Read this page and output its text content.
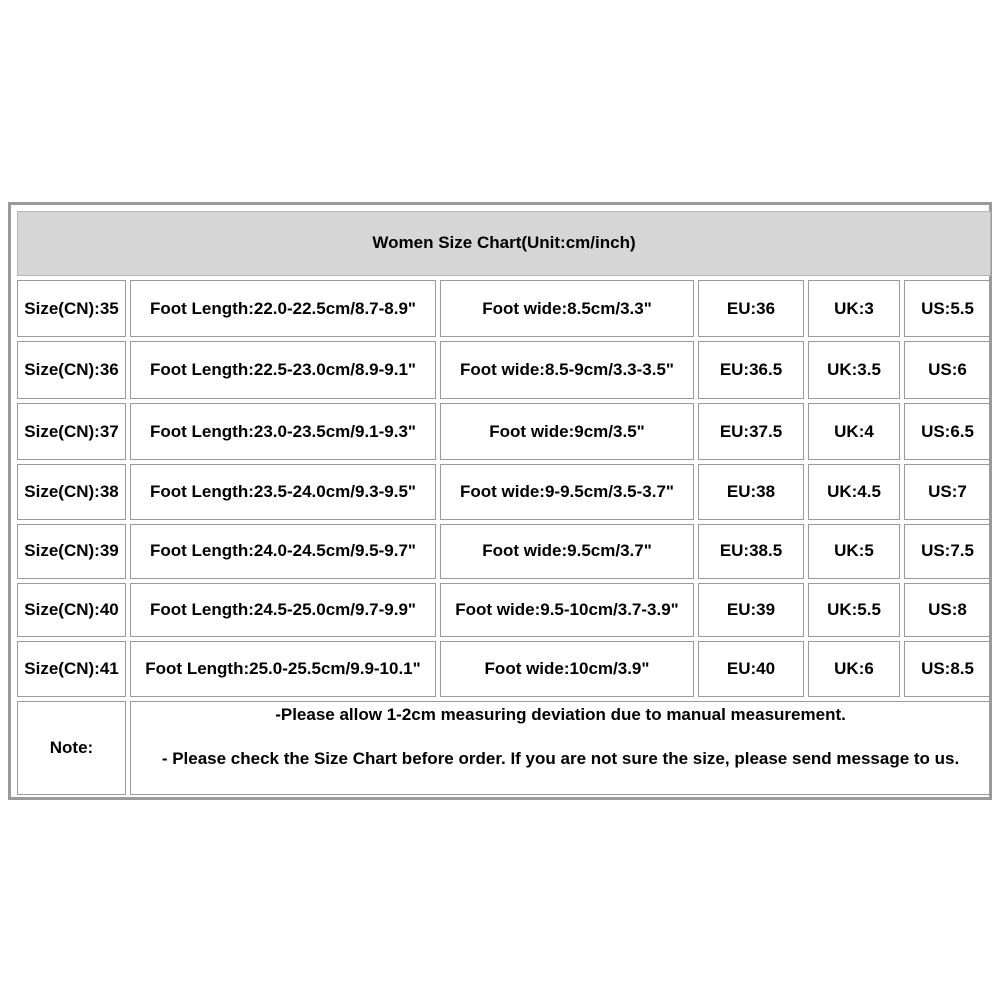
Women Size Chart(Unit:cm/inch)					
Size(CN):35	Foot Length:22.0-22.5cm/8.7-8.9"	Foot wide:8.5cm/3.3"	EU:36	UK:3	US:5.5
Size(CN):36	Foot Length:22.5-23.0cm/8.9-9.1"	Foot wide:8.5-9cm/3.3-3.5"	EU:36.5	UK:3.5	US:6
Size(CN):37	Foot Length:23.0-23.5cm/9.1-9.3"	Foot wide:9cm/3.5"	EU:37.5	UK:4	US:6.5
Size(CN):38	Foot Length:23.5-24.0cm/9.3-9.5"	Foot wide:9-9.5cm/3.5-3.7"	EU:38	UK:4.5	US:7
Size(CN):39	Foot Length:24.0-24.5cm/9.5-9.7"	Foot wide:9.5cm/3.7"	EU:38.5	UK:5	US:7.5
Size(CN):40	Foot Length:24.5-25.0cm/9.7-9.9"	Foot wide:9.5-10cm/3.7-3.9"	EU:39	UK:5.5	US:8
Size(CN):41	Foot Length:25.0-25.5cm/9.9-10.1"	Foot wide:10cm/3.9"	EU:40	UK:6	US:8.5
Note:	-Please allow 1-2cm measuring deviation due to manual measurement.
- Please check the Size Chart before order. If you are not sure the size, please send message to us.				
